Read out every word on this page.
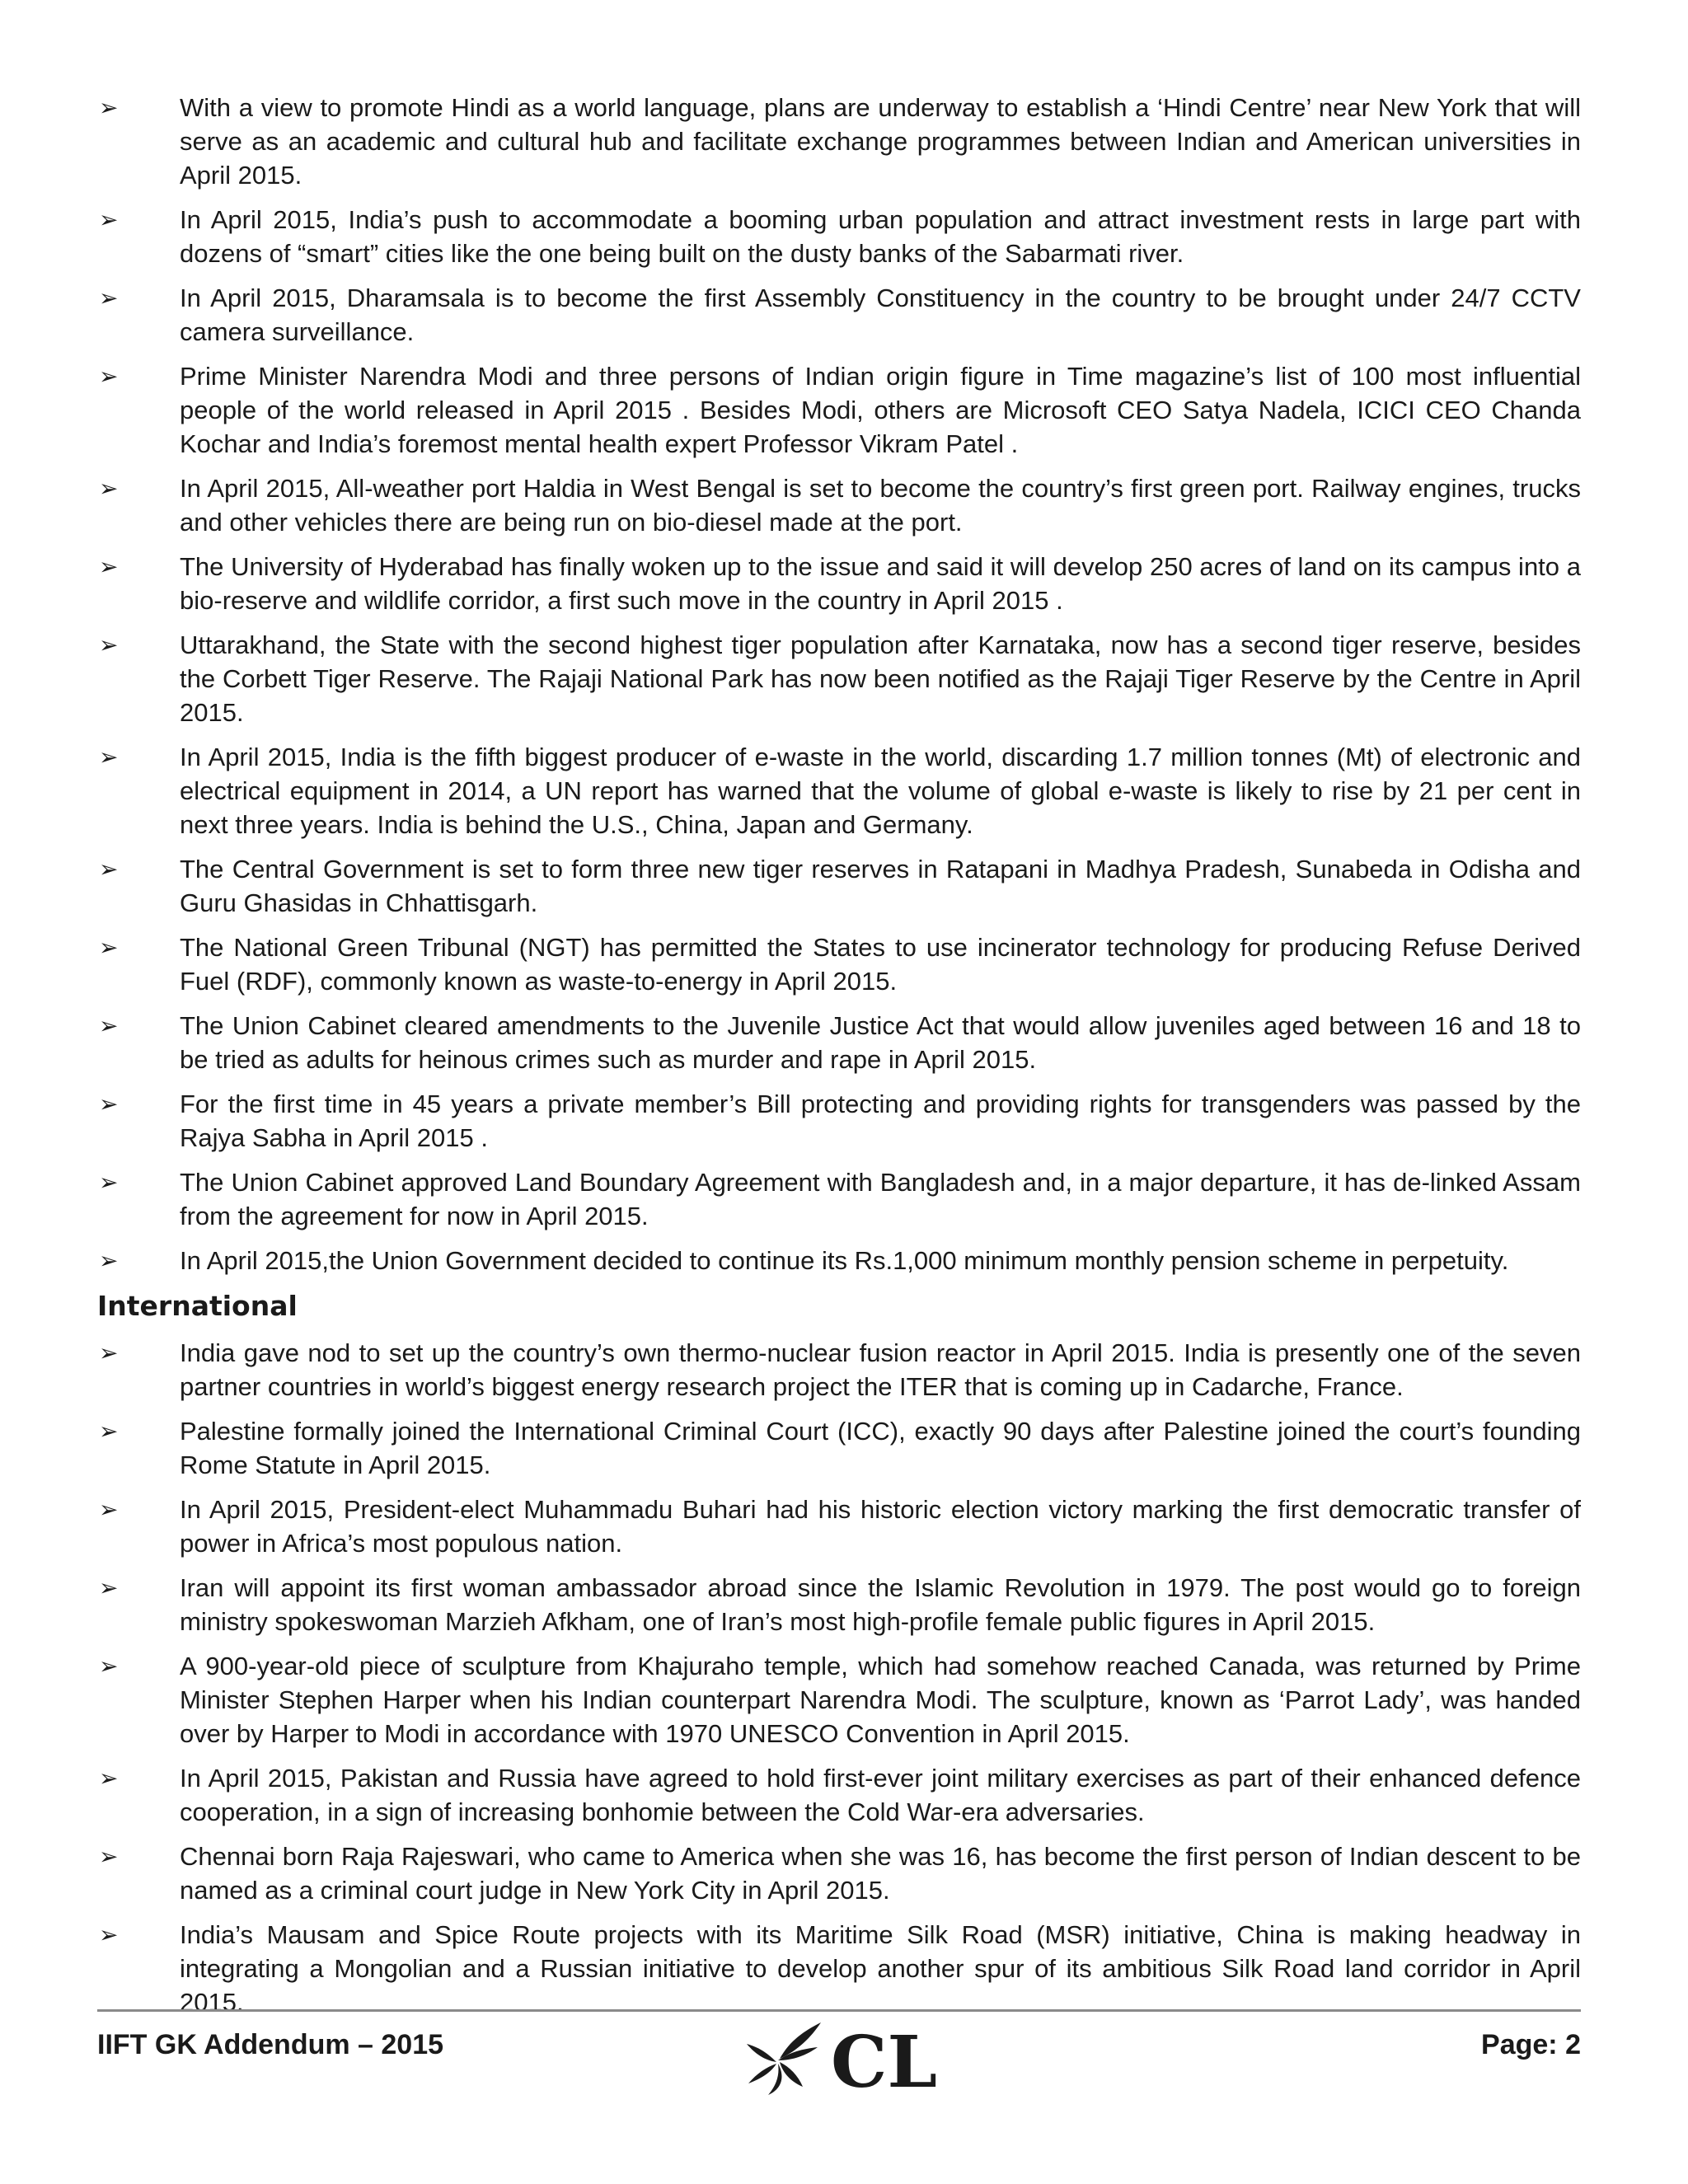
➢ With a view to promote Hindi as a world language, plans are underway to establish a ‘Hindi Centre’ near New York that will serve as an academic and cultural hub and facilitate exchange programmes between Indian and American universities in April 2015.
➢ In April 2015, India’s push to accommodate a booming urban population and attract investment rests in large part with dozens of “smart” cities like the one being built on the dusty banks of the Sabarmati river.
➢ In April 2015, Dharamsala is to become the first Assembly Constituency in the country to be brought under 24/7 CCTV camera surveillance.
➢ Prime Minister Narendra Modi and three persons of Indian origin figure in Time magazine’s list of 100 most influential people of the world released in April 2015 . Besides Modi, others are Microsoft CEO Satya Nadela, ICICI CEO Chanda Kochar and India’s foremost mental health expert Professor Vikram Patel .
➢ In April 2015, All-weather port Haldia in West Bengal is set to become the country’s first green port. Railway engines, trucks and other vehicles there are being run on bio-diesel made at the port.
➢ The University of Hyderabad has finally woken up to the issue and said it will develop 250 acres of land on its campus into a bio-reserve and wildlife corridor, a first such move in the country in April 2015 .
➢ Uttarakhand, the State with the second highest tiger population after Karnataka, now has a second tiger reserve, besides the Corbett Tiger Reserve. The Rajaji National Park has now been notified as the Rajaji Tiger Reserve by the Centre in April 2015.
➢ In April 2015, India is the fifth biggest producer of e-waste in the world, discarding 1.7 million tonnes (Mt) of electronic and electrical equipment in 2014, a UN report has warned that the volume of global e-waste is likely to rise by 21 per cent in next three years. India is behind the U.S., China, Japan and Germany.
➢ The Central Government is set to form three new tiger reserves in Ratapani in Madhya Pradesh, Sunabeda in Odisha and Guru Ghasidas in Chhattisgarh.
➢ The National Green Tribunal (NGT) has permitted the States to use incinerator technology for producing Refuse Derived Fuel (RDF), commonly known as waste-to-energy in April 2015.
➢ The Union Cabinet cleared amendments to the Juvenile Justice Act that would allow juveniles aged between 16 and 18 to be tried as adults for heinous crimes such as murder and rape in April 2015.
➢ For the first time in 45 years a private member’s Bill protecting and providing rights for transgenders was passed by the Rajya Sabha in April 2015 .
➢ The Union Cabinet approved Land Boundary Agreement with Bangladesh and, in a major departure, it has de-linked Assam from the agreement for now in April 2015.
➢ In April 2015,the Union Government decided to continue its Rs.1,000 minimum monthly pension scheme in perpetuity.
International
➢ India gave nod to set up the country’s own thermo-nuclear fusion reactor in April 2015. India is presently one of the seven partner countries in world’s biggest energy research project the ITER that is coming up in Cadarche, France.
➢ Palestine formally joined the International Criminal Court (ICC), exactly 90 days after Palestine joined the court’s founding Rome Statute in April 2015.
➢ In April 2015, President-elect Muhammadu Buhari had his historic election victory marking the first democratic transfer of power in Africa’s most populous nation.
➢ Iran will appoint its first woman ambassador abroad since the Islamic Revolution in 1979. The post would go to foreign ministry spokeswoman Marzieh Afkham, one of Iran’s most high-profile female public figures in April 2015.
➢ A 900-year-old piece of sculpture from Khajuraho temple, which had somehow reached Canada, was returned by Prime Minister Stephen Harper when his Indian counterpart Narendra Modi. The sculpture, known as ‘Parrot Lady’, was handed over by Harper to Modi in accordance with 1970 UNESCO Convention in April 2015.
➢ In April 2015, Pakistan and Russia have agreed to hold first-ever joint military exercises as part of their enhanced defence cooperation, in a sign of increasing bonhomie between the Cold War-era adversaries.
➢ Chennai born Raja Rajeswari, who came to America when she was 16, has become the first person of Indian descent to be named as a criminal court judge in New York City in April 2015.
➢ India’s Mausam and Spice Route projects with its Maritime Silk Road (MSR) initiative, China is making headway in integrating a Mongolian and a Russian initiative to develop another spur of its ambitious Silk Road land corridor in April 2015.
IIFT GK Addendum – 2015	CL	Page: 2
